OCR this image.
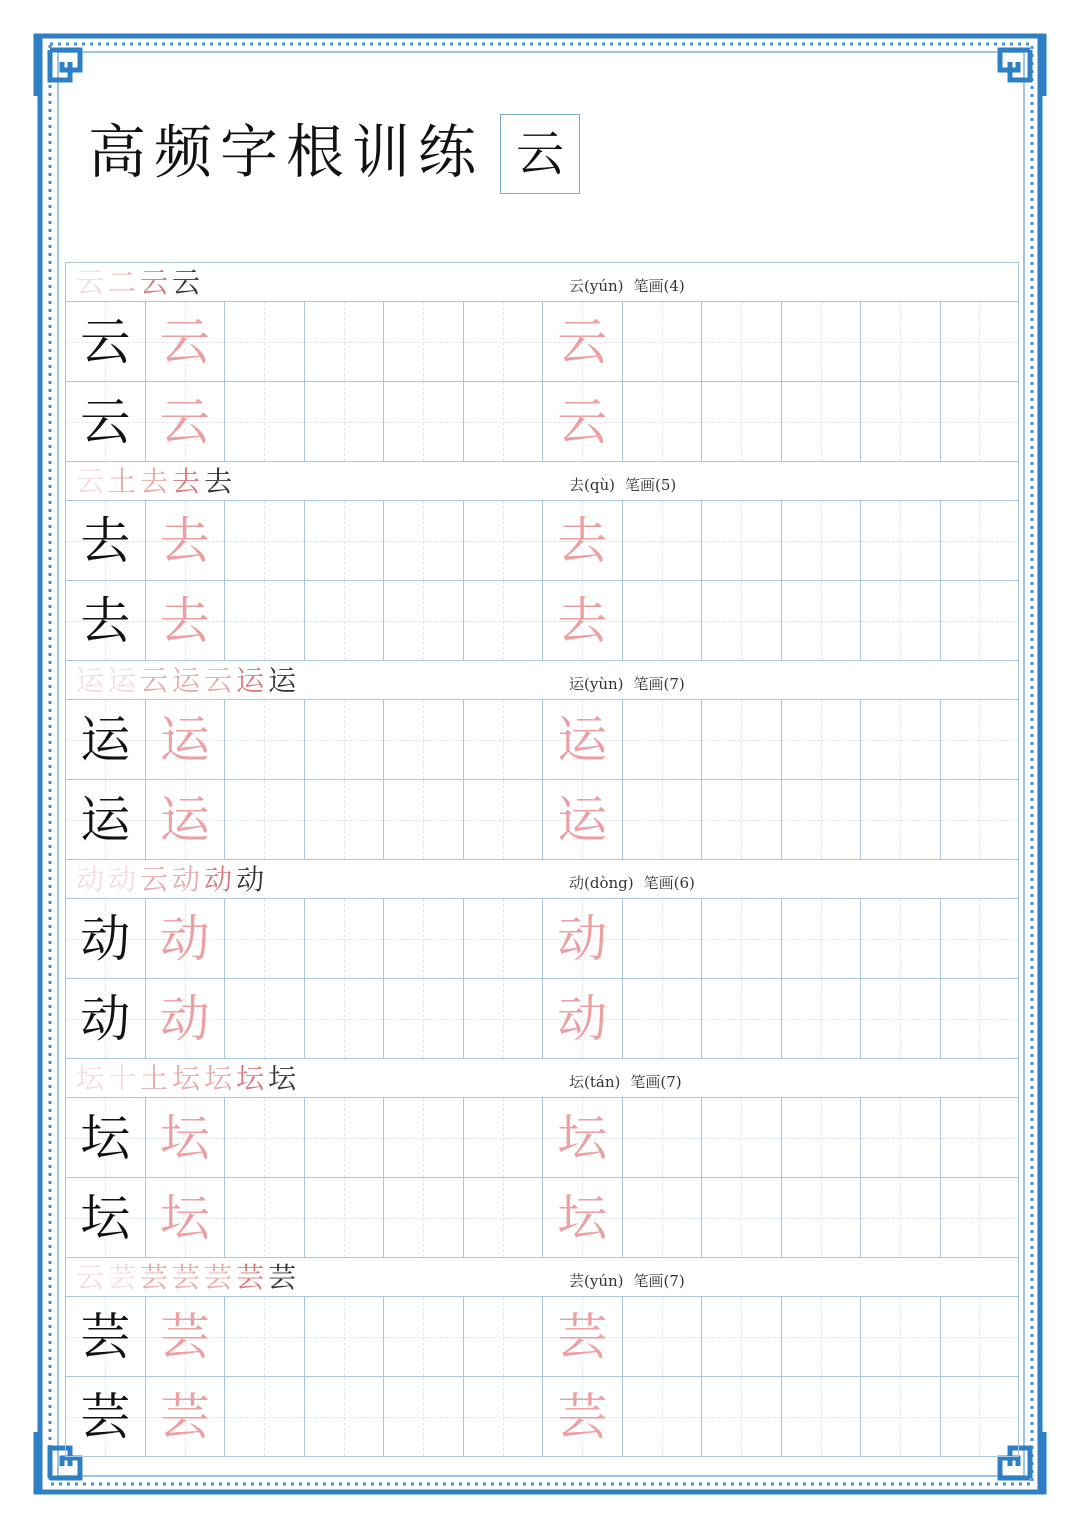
高频字根训练 云
云 二 云 云	云(yún) 笔画(4)
云 云	云
云 云	云
云 土 去 去 去	去(qù) 笔画(5)
去 去	去
去 去	去
运 运 云 运 云 运 运	运(yùn) 笔画(7)
运 运	运
运 运	运
动 动 云 动 动 动	动(dòng) 笔画(6)
动 动	动
动 动	动
坛 十 土 坛 坛 坛 坛	坛(tán) 笔画(7)
坛 坛	坛
坛 坛	坛
云 芸 芸 芸 芸 芸 芸	芸(yún) 笔画(7)
芸 芸	芸
芸 芸	芸
